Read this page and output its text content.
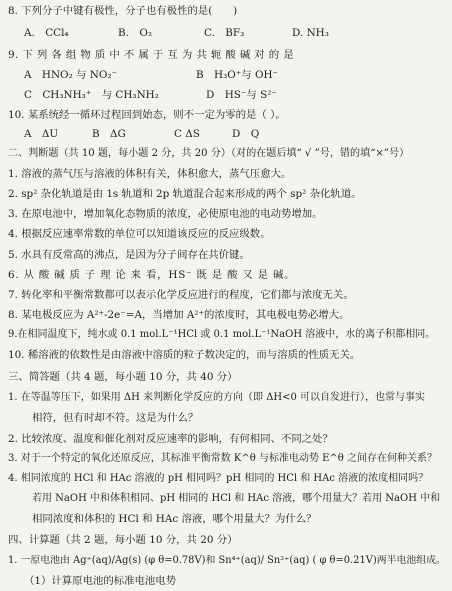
8. 下列分子中键有极性，分子也有极性的是(　　)
A.　CCl₄	B.　O₂	C.　BF₃	D. NH₃
9. 下 列 各 组 物 质 中 不 属 于 互 为 共 轭 酸 碱 对 的 是
A　HNO₂ 与 NO₂⁻	B　H₃O⁺与 OH⁻
C　CH₃NH₃⁺　与 CH₃NH₂	D　HS⁻与 S²⁻
10. 某系统经一循环过程回到始态，则不一定为零的是（ ）。
A　ΔU	B　ΔG	C ΔS	D　Q
二、判断题（共 10 题，每小题 2 分，共 20 分）（对的在题后填“ √ ”号，错的填“×”号）
1. 溶液的蒸气压与溶液的体积有关，体积愈大，蒸气压愈大。
2. sp² 杂化轨道是由 1s 轨道和 2p 轨道混合起来形成的两个 sp² 杂化轨道。
3. 在原电池中，增加氧化态物质的浓度，必使原电池的电动势增加。
4. 根据反应速率常数的单位可以知道该反应的反应级数。
5. 水具有反常高的沸点，是因为分子间存在共价键。
6. 从 酸 碱 质 子 理 论 来 看，HS⁻ 既 是 酸 又 是 碱。
7. 转化率和平衡常数都可以表示化学反应进行的程度，它们都与浓度无关。
8. 某电极反应为 A²⁺-2e⁻=A，当增加 A²⁺的浓度时，其电极电势必增大。
9.在相同温度下，纯水或 0.1 mol.L⁻¹HCl 或 0.1 mol.L⁻¹NaOH 溶液中，水的离子积都相同。
10. 稀溶液的依数性是由溶液中溶质的粒子数决定的，而与溶质的性质无关。
三、简答题（共 4 题，每小题 10 分，共 40 分）
1. 在等温等压下，如果用 ΔH 来判断化学反应的方向（即 ΔH<0 可以自发进行），也常与事实
相符，但有时却不符。这是为什么？
2. 比较浓度、温度和催化剂对反应速率的影响，有何相同、不同之处？
3. 对于一个特定的氧化还原反应，其标准平衡常数 K^θ 与标准电动势 E^θ 之间存在何种关系？
4. 相同浓度的 HCl 和 HAc 溶液的 pH 相同吗？pH 相同的 HCl 和 HAc 溶液的浓度相同吗？
若用 NaOH 中和体积相同、pH 相同的 HCl 和 HAc 溶液，哪个用量大？若用 NaOH 中和
相同浓度和体积的 HCl 和 HAc 溶液，哪个用量大？为什么？
四、计算题（共 2 题，每小题 10 分，共 20 分）
1. 一原电池由 Ag⁺(aq)/Ag(s) (φ θ=0.78V)和 Sn⁴⁺(aq)/ Sn²⁺(aq) ( φ θ=0.21V)两半电池组成。
（1）计算原电池的标准电池电势
